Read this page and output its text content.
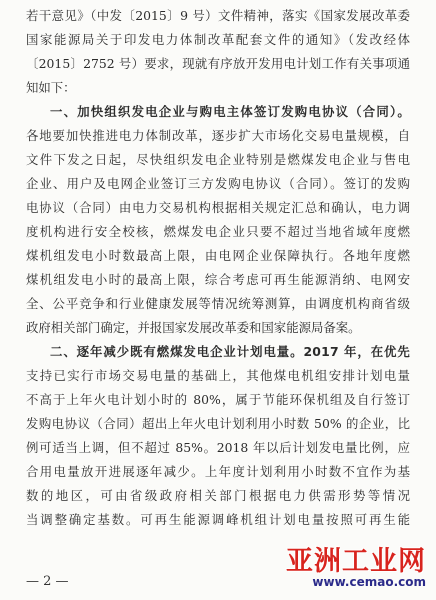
若干意见》（中发〔2015〕9 号）文件精神，落实《国家发展改革委
国家能源局关于印发电力体制改革配套文件的通知》（发改经体
〔2015〕2752 号）要求，现就有序放开发用电计划工作有关事项通
知如下：
一、加快组织发电企业与购电主体签订发购电协议（合同）。
各地要加快推进电力体制改革，逐步扩大市场化交易电量规模，自
文件下发之日起，尽快组织发电企业特别是燃煤发电企业与售电
企业、用户及电网企业签订三方发购电协议（合同）。签订的发购
电协议（合同）由电力交易机构根据相关规定汇总和确认，电力调
度机构进行安全校核，燃煤发电企业只要不超过当地省域年度燃
煤机组发电小时数最高上限，由电网企业保障执行。各地年度燃
煤机组发电小时的最高上限，综合考虑可再生能源消纳、电网安
全、公平竞争和行业健康发展等情况统筹测算，由调度机构商省级
政府相关部门确定，并报国家发展改革委和国家能源局备案。
二、逐年减少既有燃煤发电企业计划电量。2017 年，在优先
支持已实行市场交易电量的基础上，其他煤电机组安排计划电量
不高于上年火电计划小时的 80%，属于节能环保机组及自行签订
发购电协议（合同）超出上年火电计划利用小时数 50% 的企业，比
例可适当上调，但不超过 85%。2018 年以后计划发电量比例，应
合用电量放开进展逐年减少。上年度计划利用小时数不宜作为基
数的地区，可由省级政府相关部门根据电力供需形势等情况
当调整确定基数。可再生能源调峰机组计划电量按照可再生能
— 2 —
亚洲工业网
www.cemao.com
